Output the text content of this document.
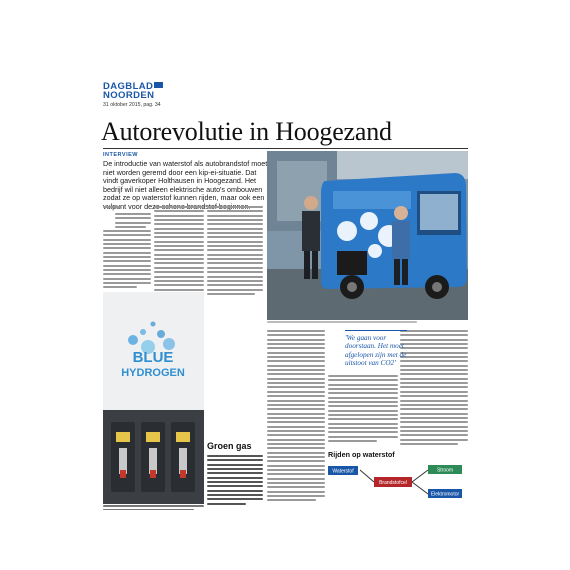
DAGBLAD
NOORDEN
31 oktober 2015, pag. 34
Autorevolutie in Hoogezand
INTERVIEW
De introductie van waterstof als autobrandstof moet niet worden geremd door een kip-ei-situatie. Dat vindt gaverkoper Holthausen in Hoogezand. Het bedrijf wil niet alleen elektrische auto's ombouwen zodat ze op waterstof kunnen rijden, maar ook een voor deze
'We gaan voor doorstaan. Het moet afgelopen zijn met de uitstoot van CO2'
BLUE
HYDROGEN
Groen gas
Rijden op waterstof
Waterstof
Brandstofcel
Stroom
Elektromotor
